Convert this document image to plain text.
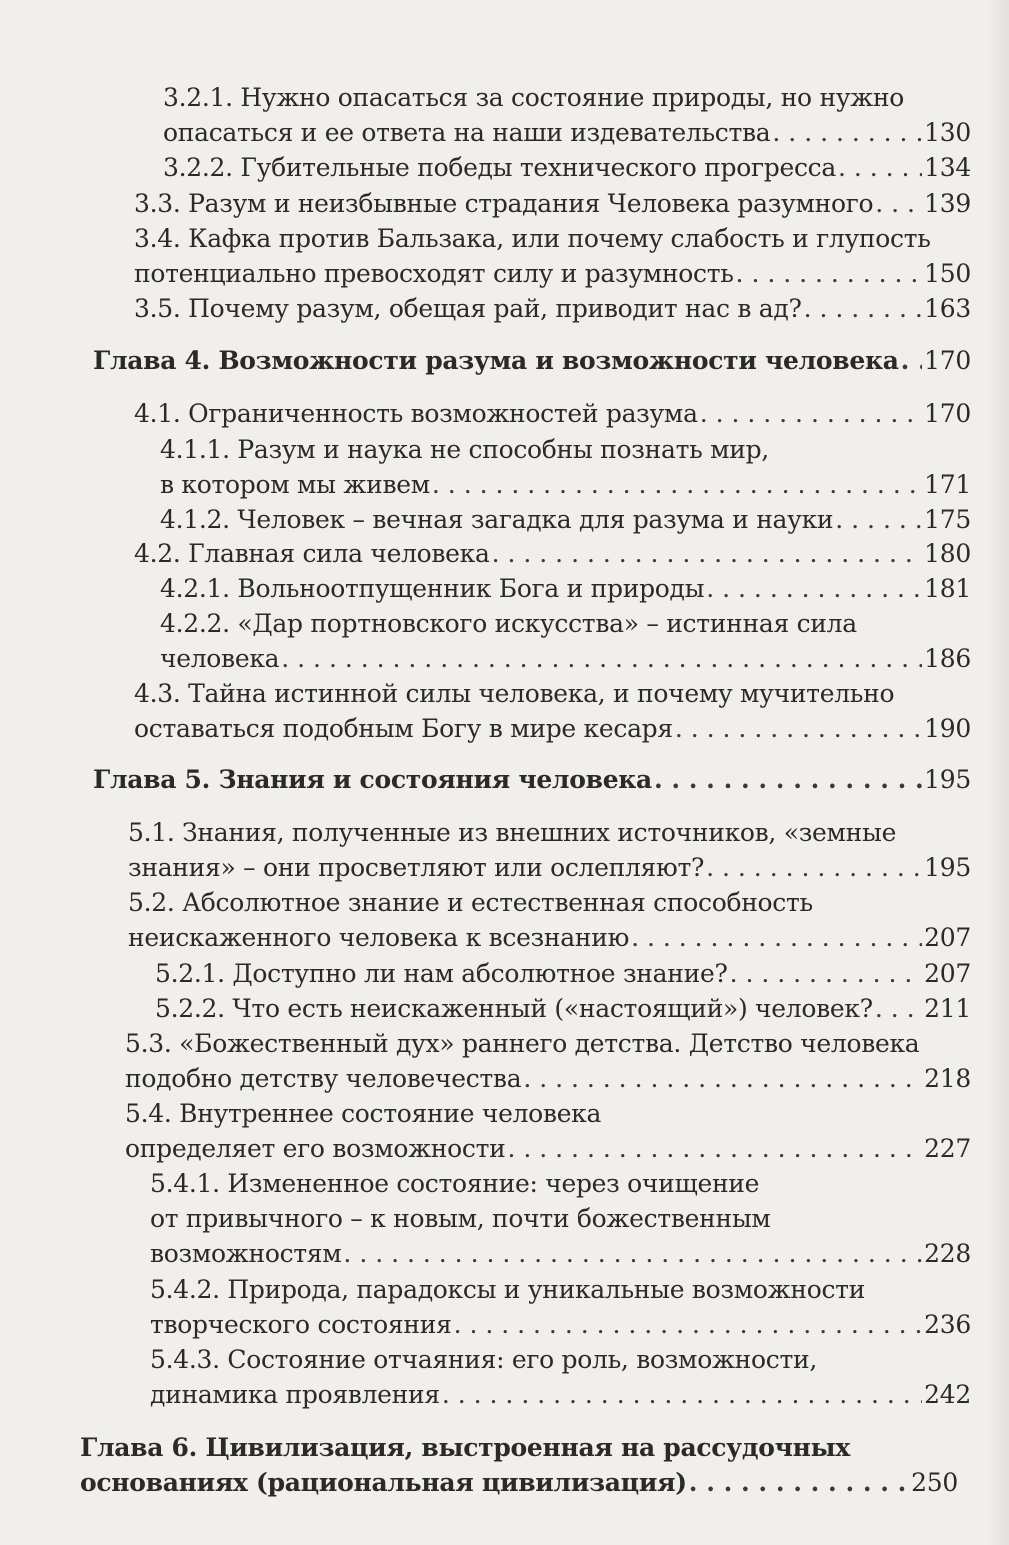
3.2.1. Нужно опасаться за состояние природы, но нужно
опасаться и ее ответа на наши издевательства . . .	130
3.2.2. Губительные победы технического прогресса . . .	134
3.3. Разум и неизбывные страдания Человека разумного . . . 139
3.4. Кафка против Бальзака, или почему слабость и глупость
потенциально превосходят силу и разумность . . .	150
3.5. Почему разум, обещая рай, приводит нас в ад? . . .	163
Глава 4. Возможности разума и возможности человека . . . 170
4.1. Ограниченность возможностей разума . . .	170
4.1.1. Разум и наука не способны познать мир,
в котором мы живем . . .	171
4.1.2. Человек – вечная загадка для разума и науки . . .	175
4.2. Главная сила человека . . .	180
4.2.1. Вольноотпущенник Бога и природы . . .	181
4.2.2. «Дар портновского искусства» – истинная сила
человека . . .	186
4.3. Тайна истинной силы человека, и почему мучительно
оставаться подобным Богу в мире кесаря . . .	190
Глава 5. Знания и состояния человека . . .	195
5.1. Знания, полученные из внешних источников, «земные
знания» – они просветляют или ослепляют? . . .	195
5.2. Абсолютное знание и естественная способность
неискаженного человека к всезнанию . . .	207
5.2.1. Доступно ли нам абсолютное знание? . . .	207
5.2.2. Что есть неискаженный («настоящий») человек? . . . 211
5.3. «Божественный дух» раннего детства. Детство человека
подобно детству человечества . . .	218
5.4. Внутреннее состояние человека
определяет его возможности . . .	227
5.4.1. Измененное состояние: через очищение
от привычного – к новым, почти божественным
возможностям . . .	228
5.4.2. Природа, парадоксы и уникальные возможности
творческого состояния . . .	236
5.4.3. Состояние отчаяния: его роль, возможности,
динамика проявления . . .	242
Глава 6. Цивилизация, выстроенная на рассудочных
основаниях (рациональная цивилизация) . . .	250
